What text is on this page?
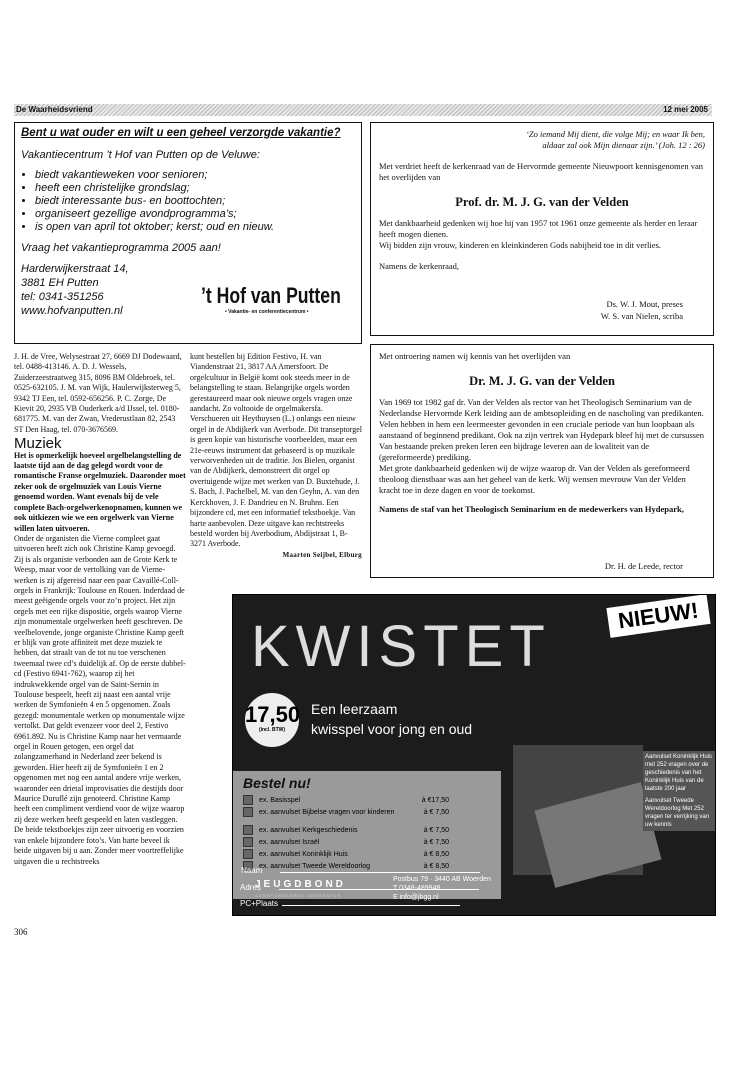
De Waarheidsvriend	12 mei 2005
Bent u wat ouder en wilt u een geheel verzorgde vakantie?
Vakantiecentrum ’t Hof van Putten op de Veluwe:
• biedt vakantieweken voor senioren;
• heeft een christelijke grondslag;
• biedt interessante bus- en boottochten;
• organiseert gezellige avondprogramma’s;
• is open van april tot oktober; kerst; oud en nieuw.
Vraag het vakantieprogramma 2005 aan!
Harderwijkerstraat 14,
3881 EH Putten
tel: 0341-351256
www.hofvanputten.nl
’t Hof van Putten
• Vakantie- en conferentiecentrum •
‘Zo iemand Mij dient, die volge Mij; en waar Ik ben,
aldaar zal ook Mijn dienaar zijn.’ (Joh. 12 : 26)
Met verdriet heeft de kerkenraad van de Hervormde gemeente Nieuwpoort kennisgenomen van het overlijden van
Prof. dr. M. J. G. van der Velden
Met dankbaarheid gedenken wij hoe hij van 1957 tot 1961 onze gemeente als herder en leraar heeft mogen dienen.
Wij bidden zijn vrouw, kinderen en kleinkinderen Gods nabijheid toe in dit verlies.
Namens de kerkenraad,
Ds. W. J. Mout, preses
W. S. van Nielen, scriba
Met ontroering namen wij kennis van het overlijden van
Dr. M. J. G. van der Velden
Van 1969 tot 1982 gaf dr. Van der Velden als rector van het Theologisch Seminarium van de Nederlandse Hervormde Kerk leiding aan de ambtsopleiding en de nascholing van predikanten.
Velen hebben in hem een leermeester gevonden in een cruciale periode van hun loopbaan als aanstaand of beginnend predikant. Ook na zijn vertrek van Hydepark bleef hij met de cursussen Van bestaande preken preken leren een bijdrage leveren aan de kwaliteit van de (gereformeerde) prediking.
Met grote dankbaarheid gedenken wij de wijze waarop dr. Van der Velden als gereformeerd theoloog dienstbaar was aan het geheel van de kerk. Wij wensen mevrouw Van der Velden kracht toe in deze dagen en voor de toekomst.
Namens de staf van het Theologisch Seminarium en de medewerkers van Hydepark,
Dr. H. de Leede, rector
J. H. de Vree, Welysestraat 27, 6669 DJ Dodewaard, tel. 0488-413146. A. D. J. Wessels, Zuiderzeestraatweg 315, 8096 BM Oldebroek, tel. 0525-632105. J. M. van Wijk, Haulerwijksterweg 5, 9342 TJ Een, tel. 0592-656256. P. C. Zorge, De Kievit 20, 2935 VB Ouderkerk a/d IJssel, tel. 0180-681775. M. van der Zwan, Vrederustlaan 82, 2543 ST Den Haag, tel. 070-3676569.
Muziek
Het is opmerkelijk hoeveel orgelbelangstelling de laatste tijd aan de dag gelegd wordt voor de romantische Franse orgelmuziek. Daaronder moet zeker ook de orgelmuziek van Louis Vierne genoemd worden. Want evenals bij de vele complete Bach-orgelwerkenopnamen, kunnen we ook uitkiezen wie we een orgelwerk van Vierne willen laten uitvoeren.
Onder de organisten die Vierne compleet gaat uitvoeren heeft zich ook Christine Kamp gevoegd. Zij is als organiste verbonden aan de Grote Kerk te Weesp, maar voor de vertolking van de Vierne-werken is zij afgereisd naar een paar Cavaillé-Coll-orgels in Frankrijk: Toulouse en Rouen. Inderdaad de meest geëigende orgels voor zo’n project. Het zijn orgels met een rijke dispositie, orgels waarop Vierne zijn monumentale orgelwerken heeft geschreven. De veelbelovende, jonge organiste Christine Kamp geeft er blijk van grote affiniteit met deze muziek te hebben, dat straalt van de tot nu toe verschenen tweemaal twee cd’s duidelijk af. Op de eerste dubbel-cd (Festivo 6941-762), waarop zij het indrukwekkende orgel van de Saint-Sernin in Toulouse bespeelt, heeft zij naast een aantal vrije werken de Symfonieën 4 en 5 opgenomen. Zoals gezegd: monumentale werken op monumentale wijze vertolkt. Dat geldt evenzeer voor deel 2, Festivo 6961.892. Nu is Christine Kamp naar het vermaarde orgel in Rouen getogen, een orgel dat zolangzamerhand in Nederland zeer bekend is geworden. Hier heeft zij de Symfonieën 1 en 2 opgenomen met nog een aantal andere vrije werken, waaronder een drietal improvisaties die destijds door Maurice Duruflé zijn genoteerd. Christine Kamp heeft een compliment verdiend voor de wijze waarop zij deze werken heeft gespeeld en laten vastleggen. De beide tekstboekjes zijn zeer uitvoerig en voorzien van enkele bijzondere foto’s. Van harte beveel ik beide uitgaven bij u aan. Zonder meer voortreffelijke uitgaven die u rechtstreeks
kunt bestellen bij Edition Festivo, H. van Viandenstraat 21, 3817 AA Amersfoort. De orgelcultuur in België komt ook steeds meer in de belangstelling te staan. Belangrijke orgels worden gerestaureerd maar ook nieuwe orgels vragen onze aandacht. Zo voltooide de orgelmakersfa. Verschueren uit Heythuysen (L.) onlangs een nieuw orgel in de Abdijkerk van Averbode. Dit transeptorgel is geen kopie van historische voorbeelden, maar een 21e-eeuws instrument dat gebaseerd is op muzikale verworvenheden uit de traditie. Jos Bielen, organist van de Abdijkerk, demonstreert dit orgel op overtuigende wijze met werken van D. Buxtehude, J. S. Bach, J. Pachelbel, M. van den Geyhn, A. van den Kerckhoven, J. F. Dandrieu en N. Bruhns. Een bijzondere cd, met een informatief tekstboekje. Van harte aanbevolen. Deze uitgave kan rechtstreeks besteld worden bij Averbodium, Abdijstraat 1, B-3271 Averbode.
Maarten Seijbel, Elburg
306
KWISTET	NIEUW!
17,50
(incl. BTW)
Een leerzaam
kwisspel voor jong en oud
Aanvulset Koninklijk Huis met 252 vragen over de geschiedenis van het Koninklijk Huis van de laatste 200 jaar
Aanvulset Tweede Wereldoorlog Met 252 vragen ter verrijking van uw kennis
Bestel nu!
ex. Basisspel	à €17,50
ex. aanvulset Bijbelse vragen voor kinderen	à € 7,50
ex. aanvulset Kerkgeschiedenis	à € 7,50
ex. aanvulset Israël	à € 7,50
ex. aanvulset Koninklijk Huis	à € 8,50
ex. aanvulset Tweede Wereldoorlog	à € 8,50
Naam
JEUGDBOND
GEREFORMEERDE GEMEENTEN
Postbus 79 · 3440 AB Woerden
T 0348-489948
E info@jbgg.nl
Adres
PC+Plaats
